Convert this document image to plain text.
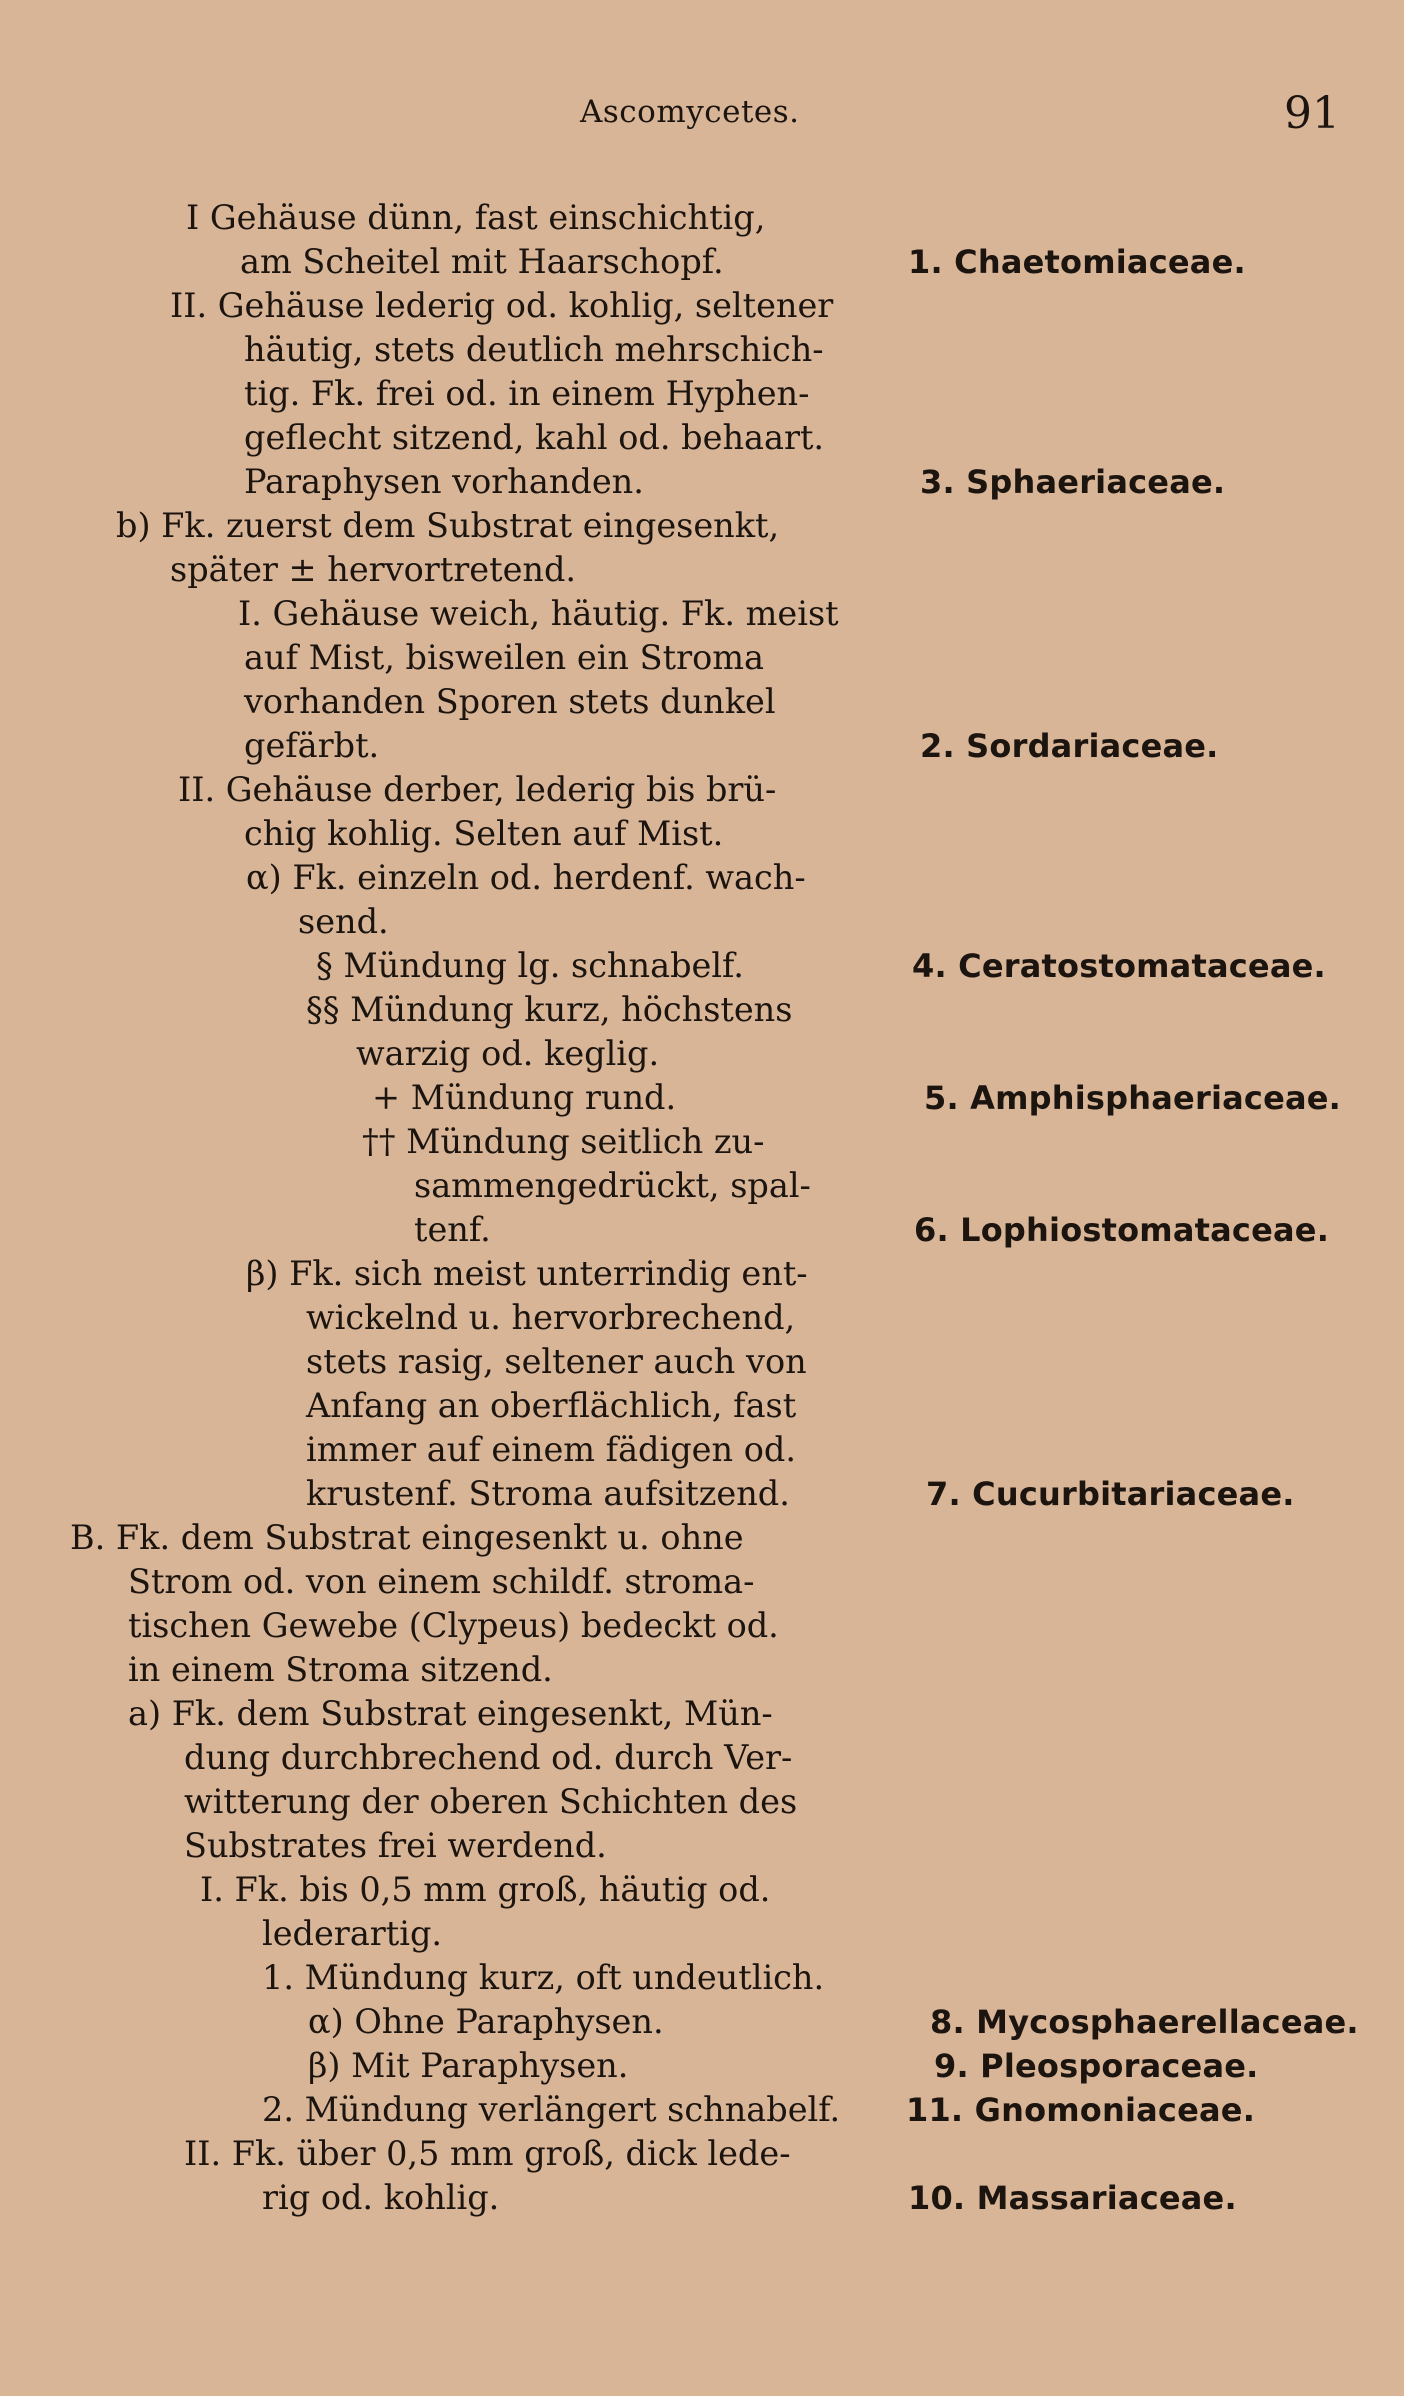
Ascomycetes.	91
I Gehäuse dünn, fast einschichtig,
am Scheitel mit Haarschopf.
II. Gehäuse lederig od. kohlig, seltener
häutig, stets deutlich mehrschich-
tig. Fk. frei od. in einem Hyphen-
geflecht sitzend, kahl od. behaart.
Paraphysen vorhanden.
b) Fk. zuerst dem Substrat eingesenkt,
später ± hervortretend.
I. Gehäuse weich, häutig. Fk. meist
auf Mist, bisweilen ein Stroma
vorhanden Sporen stets dunkel
gefärbt.
II. Gehäuse derber, lederig bis brü-
chig kohlig. Selten auf Mist.
α) Fk. einzeln od. herdenf. wach-
send.
§ Mündung lg. schnabelf.
§§ Mündung kurz, höchstens
warzig od. keglig.
+ Mündung rund.
†† Mündung seitlich zu-
sammengedrückt, spal-
tenf.
β) Fk. sich meist unterrindig ent-
wickelnd u. hervorbrechend,
stets rasig, seltener auch von
Anfang an oberflächlich, fast
immer auf einem fädigen od.
krustenf. Stroma aufsitzend.
B. Fk. dem Substrat eingesenkt u. ohne
Strom od. von einem schildf. stroma-
tischen Gewebe (Clypeus) bedeckt od.
in einem Stroma sitzend.
a) Fk. dem Substrat eingesenkt, Mün-
dung durchbrechend od. durch Ver-
witterung der oberen Schichten des
Substrates frei werdend.
I. Fk. bis 0,5 mm groß, häutig od.
lederartig.
1. Mündung kurz, oft undeutlich.
α) Ohne Paraphysen.
β) Mit Paraphysen.
2. Mündung verlängert schnabelf.
II. Fk. über 0,5 mm groß, dick lede-
rig od. kohlig.
1. Chaetomiaceae.
3. Sphaeriaceae.
2. Sordariaceae.
4. Ceratostomataceae.
5. Amphisphaeriaceae.
6. Lophiostomataceae.
7. Cucurbitariaceae.
8. Mycosphaerellaceae.
9. Pleosporaceae.
11. Gnomoniaceae.
10. Massariaceae.
